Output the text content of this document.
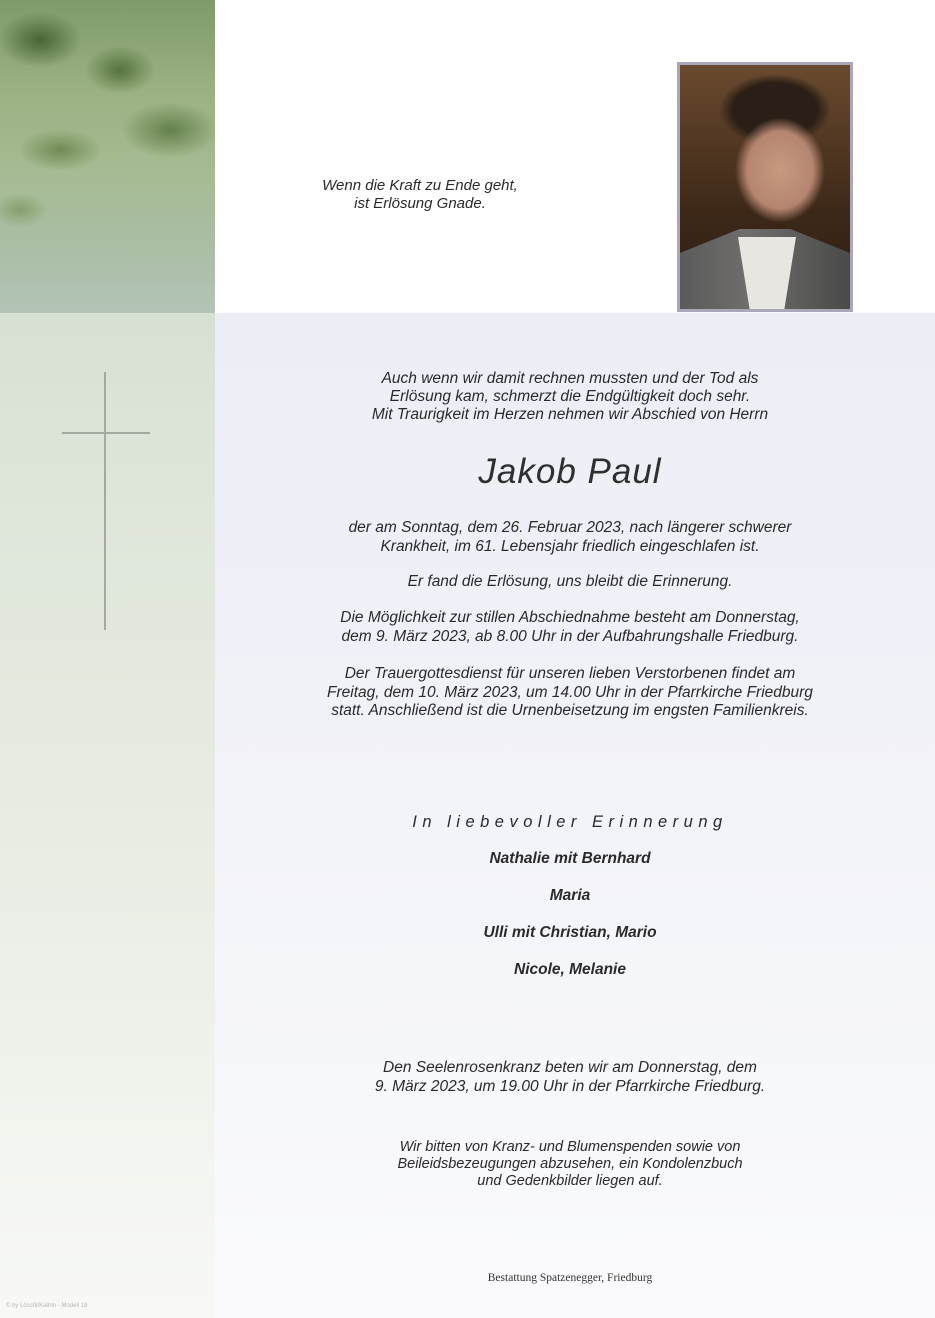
Wenn die Kraft zu Ende geht,
ist Erlösung Gnade.
Auch wenn wir damit rechnen mussten und der Tod als
Erlösung kam, schmerzt die Endgültigkeit doch sehr.
Mit Traurigkeit im Herzen nehmen wir Abschied von Herrn
Jakob Paul
der am Sonntag, dem 26. Februar 2023, nach längerer schwerer
Krankheit, im 61. Lebensjahr friedlich eingeschlafen ist.
Er fand die Erlösung, uns bleibt die Erinnerung.
Die Möglichkeit zur stillen Abschiednahme besteht am Donnerstag,
dem 9. März 2023, ab 8.00 Uhr in der Aufbahrungshalle Friedburg.
Der Trauergottesdienst für unseren lieben Verstorbenen findet am
Freitag, dem 10. März 2023, um 14.00 Uhr in der Pfarrkirche Friedburg
statt. Anschließend ist die Urnenbeisetzung im engsten Familienkreis.
In liebevoller Erinnerung
Nathalie mit Bernhard
Maria
Ulli mit Christian, Mario
Nicole, Melanie
Den Seelenrosenkranz beten wir am Donnerstag, dem
9. März 2023, um 19.00 Uhr in der Pfarrkirche Friedburg.
Wir bitten von Kranz- und Blumenspenden sowie von
Beileidsbezeugungen abzusehen, ein Kondolenzbuch
und Gedenkbilder liegen auf.
Bestattung Spatzenegger, Friedburg
© by Löschl/Kaltrin - Modell 18
